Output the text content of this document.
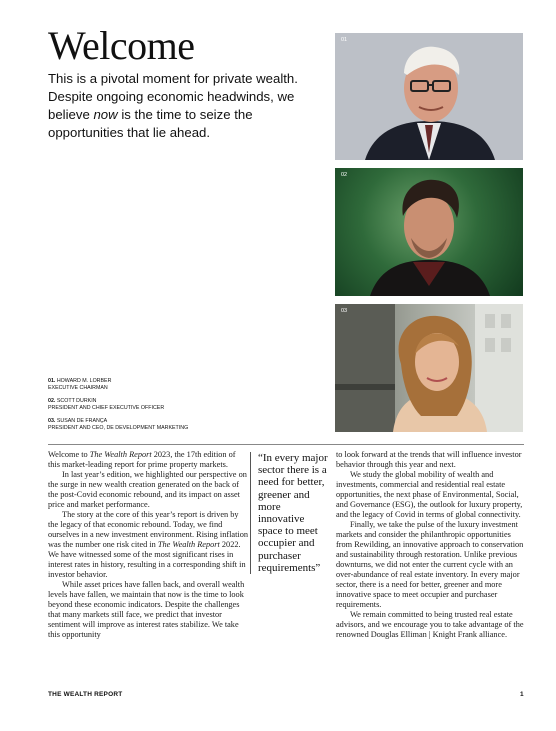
Welcome

This is a pivotal moment for private wealth. Despite ongoing economic headwinds, we believe now is the time to seize the opportunities that lie ahead.

01
02
03
01. HOWARD M. LORBER
EXECUTIVE CHAIRMAN
02. SCOTT DURKIN
PRESIDENT AND CHIEF EXECUTIVE OFFICER
03. SUSAN DE FRANÇA
PRESIDENT AND CEO, DE DEVELOPMENT MARKETING

Welcome to The Wealth Report 2023, the 17th edition of this market-leading report for prime property markets.

In last year’s edition, we highlighted our perspective on the surge in new wealth creation generated on the back of the post-Covid economic rebound, and its impact on asset price and market performance.

The story at the core of this year’s report is driven by the legacy of that economic rebound. Today, we find ourselves in a new investment environment. Rising inflation was the number one risk cited in The Wealth Report 2022. We have witnessed some of the most significant rises in interest rates in history, resulting in a corresponding shift in investor behavior.

While asset prices have fallen back, and overall wealth levels have fallen, we maintain that now is the time to look beyond these economic indicators. Despite the challenges that many markets still face, we predict that investor sentiment will improve as interest rates stabilize. We take this opportunity

“In every major sector there is a need for better, greener and more innovative space to meet occupier and purchaser requirements”

to look forward at the trends that will influence investor behavior through this year and next.

We study the global mobility of wealth and investments, commercial and residential real estate opportunities, the next phase of Environmental, Social, and Governance (ESG), the outlook for luxury property, and the legacy of Covid in terms of global connectivity.

Finally, we take the pulse of the luxury investment markets and consider the philanthropic opportunities from Rewilding, an innovative approach to conservation and sustainability through restoration. Unlike previous downturns, we did not enter the current cycle with an over-abundance of real estate inventory. In every major sector, there is a need for better, greener and more innovative space to meet occupier and purchaser requirements.

We remain committed to being trusted real estate advisors, and we encourage you to take advantage of the renowned Douglas Elliman | Knight Frank alliance.

THE WEALTH REPORT	1
